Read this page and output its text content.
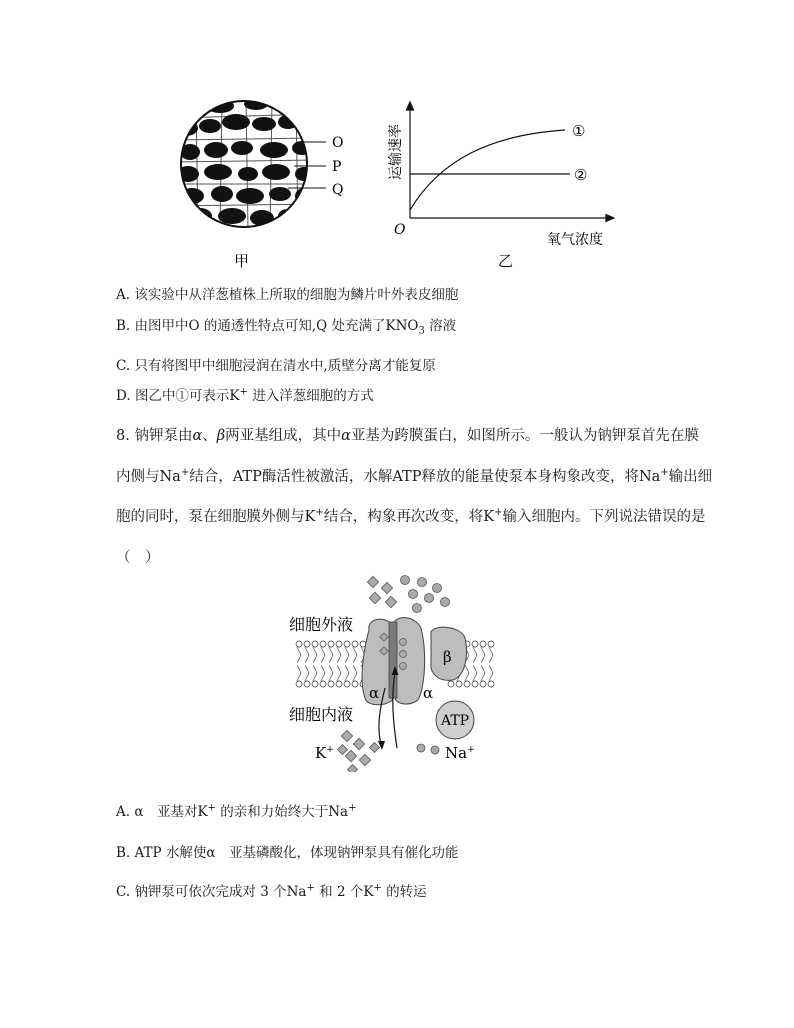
O
P
Q
甲
运输速率
O
氧气浓度
①
②
乙
A. 该实验中从洋葱植株上所取的细胞为鳞片叶外表皮细胞
B. 由图甲中O 的通透性特点可知,Q 处充满了$KNO_3$ 溶液
C. 只有将图甲中细胞浸润在清水中,质壁分离才能复原
D. 图乙中①可表示K+ 进入洋葱细胞的方式
8. 钠钾泵由α、β两亚基组成，其中α亚基为跨膜蛋白，如图所示。一般认为钠钾泵首先在膜
内侧与Na+结合，ATP酶活性被激活，水解ATP释放的能量使泵本身构象改变，将Na+输出细
胞的同时，泵在细胞膜外侧与K+结合，构象再次改变，将K+输入细胞内。下列说法错误的是
（　）
细胞外液
细胞内液
α	α
β
ATP
K+	Na+
A. α　亚基对K+ 的亲和力始终大于Na+
B. ATP 水解使α　亚基磷酸化，体现钠钾泵具有催化功能
C. 钠钾泵可依次完成对 3 个Na+ 和 2 个K+ 的转运
